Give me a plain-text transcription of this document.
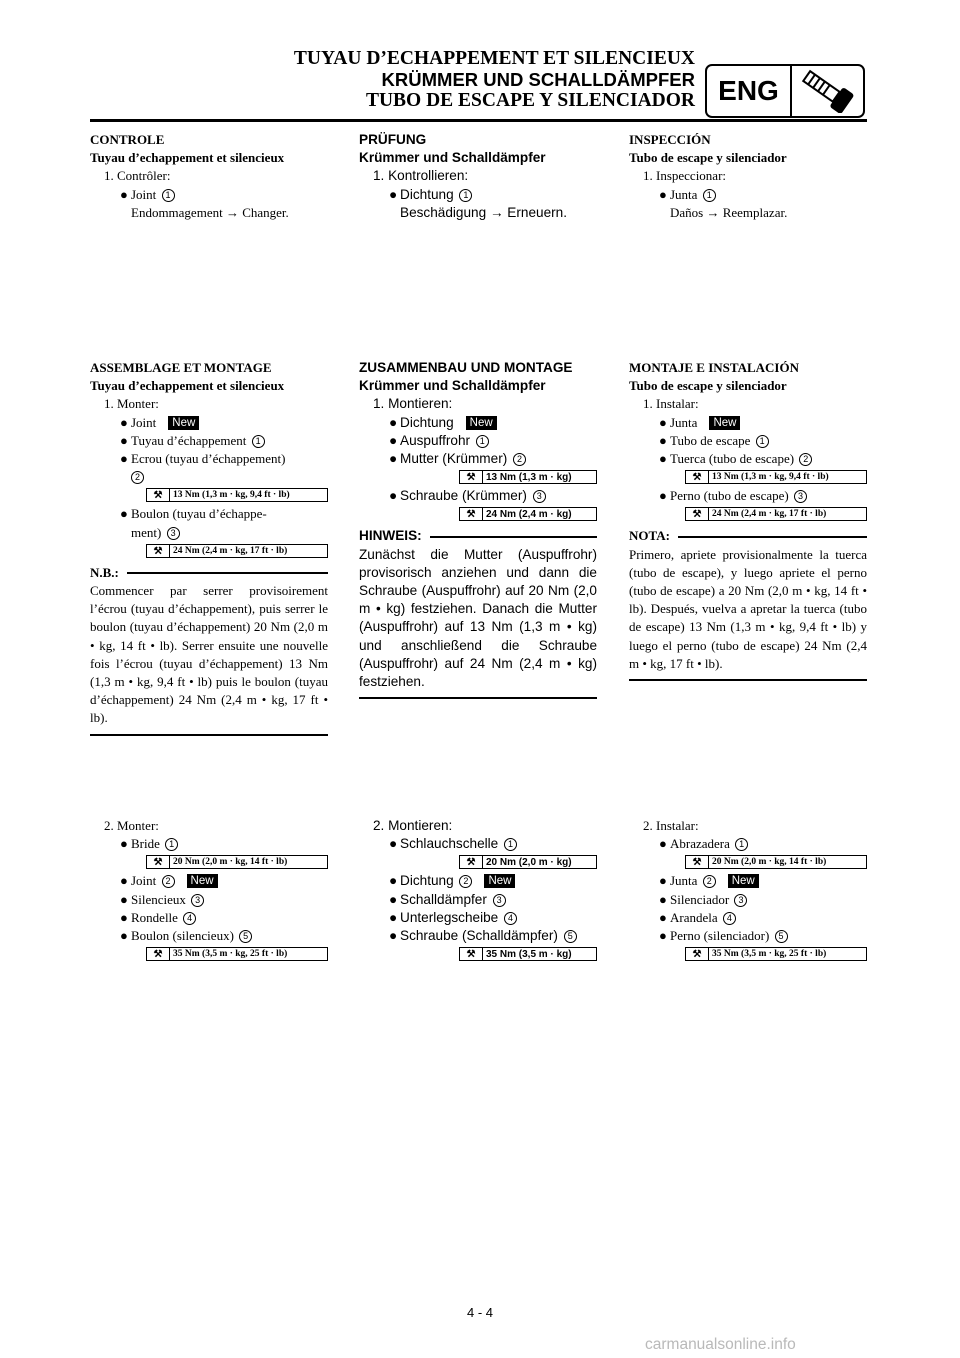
TUYAU D’ECHAPPEMENT ET SILENCIEUX
KRÜMMER UND SCHALLDÄMPFER
TUBO DE ESCAPE Y SILENCIADOR ENG
CONTROLE
Tuyau d’echappement et silencieux
1. Contrôler:
● Joint 1
Endommagement → Changer.
PRÜFUNG
Krümmer und Schalldämpfer
1. Kontrollieren:
● Dichtung 1
Beschädigung → Erneuern.
INSPECCIÓN
Tubo de escape y silenciador
1. Inspeccionar:
● Junta 1
Daños → Reemplazar.
ASSEMBLAGE ET MONTAGE
Tuyau d’echappement et silencieux
1. Monter:
● Joint New
● Tuyau d’échappement 1
● Ecrou (tuyau d’échappement)
2
⚒	13 Nm (1,3 m · kg, 9,4 ft · lb)
● Boulon (tuyau d’échappe-
ment) 3
⚒	24 Nm (2,4 m · kg, 17 ft · lb)
N.B.:
Commencer par serrer provisoirement l’écrou (tuyau d’échappement), puis serrer le boulon (tuyau d’échappement) 20 Nm (2,0 m • kg, 14 ft • lb). Serrer ensuite une nouvelle fois l’écrou (tuyau d’échappement) 13 Nm (1,3 m • kg, 9,4 ft • lb) puis le boulon (tuyau d’échappement) 24 Nm (2,4 m • kg, 17 ft • lb).
ZUSAMMENBAU UND MONTAGE
Krümmer und Schalldämpfer
1. Montieren:
● Dichtung New
● Auspuffrohr 1
● Mutter (Krümmer) 2
⚒	13 Nm (1,3 m · kg)
● Schraube (Krümmer) 3
⚒	24 Nm (2,4 m · kg)
HINWEIS:
Zunächst die Mutter (Auspuffrohr) provisorisch anziehen und dann die Schraube (Auspuffrohr) auf 20 Nm (2,0 m • kg) festziehen. Danach die Mutter (Auspuffrohr) auf 13 Nm (1,3 m • kg) und anschließend die Schraube (Auspuffrohr) auf 24 Nm (2,4 m • kg) festziehen.
MONTAJE E INSTALACIÓN
Tubo de escape y silenciador
1. Instalar:
● Junta New
● Tubo de escape 1
● Tuerca (tubo de escape) 2
⚒	13 Nm (1,3 m · kg, 9,4 ft · lb)
● Perno (tubo de escape) 3
⚒	24 Nm (2,4 m · kg, 17 ft · lb)
NOTA:
Primero, apriete provisionalmente la tuerca (tubo de escape), y luego apriete el perno (tubo de escape) a 20 Nm (2,0 m • kg, 14 ft • lb). Después, vuelva a apretar la tuerca (tubo de escape) 13 Nm (1,3 m • kg, 9,4 ft • lb) y luego el perno (tubo de escape) 24 Nm (2,4 m • kg, 17 ft • lb).
2. Monter:
● Bride 1
⚒	20 Nm (2,0 m · kg, 14 ft · lb)
● Joint 2 New
● Silencieux 3
● Rondelle 4
● Boulon (silencieux) 5
⚒	35 Nm (3,5 m · kg, 25 ft · lb)
2. Montieren:
● Schlauchschelle 1
⚒	20 Nm (2,0 m · kg)
● Dichtung 2 New
● Schalldämpfer 3
● Unterlegscheibe 4
● Schraube (Schalldämpfer) 5
⚒	35 Nm (3,5 m · kg)
2. Instalar:
● Abrazadera 1
⚒	20 Nm (2,0 m · kg, 14 ft · lb)
● Junta 2 New
● Silenciador 3
● Arandela 4
● Perno (silenciador) 5
⚒	35 Nm (3,5 m · kg, 25 ft · lb)
4 - 4
carmanualsonline.info
